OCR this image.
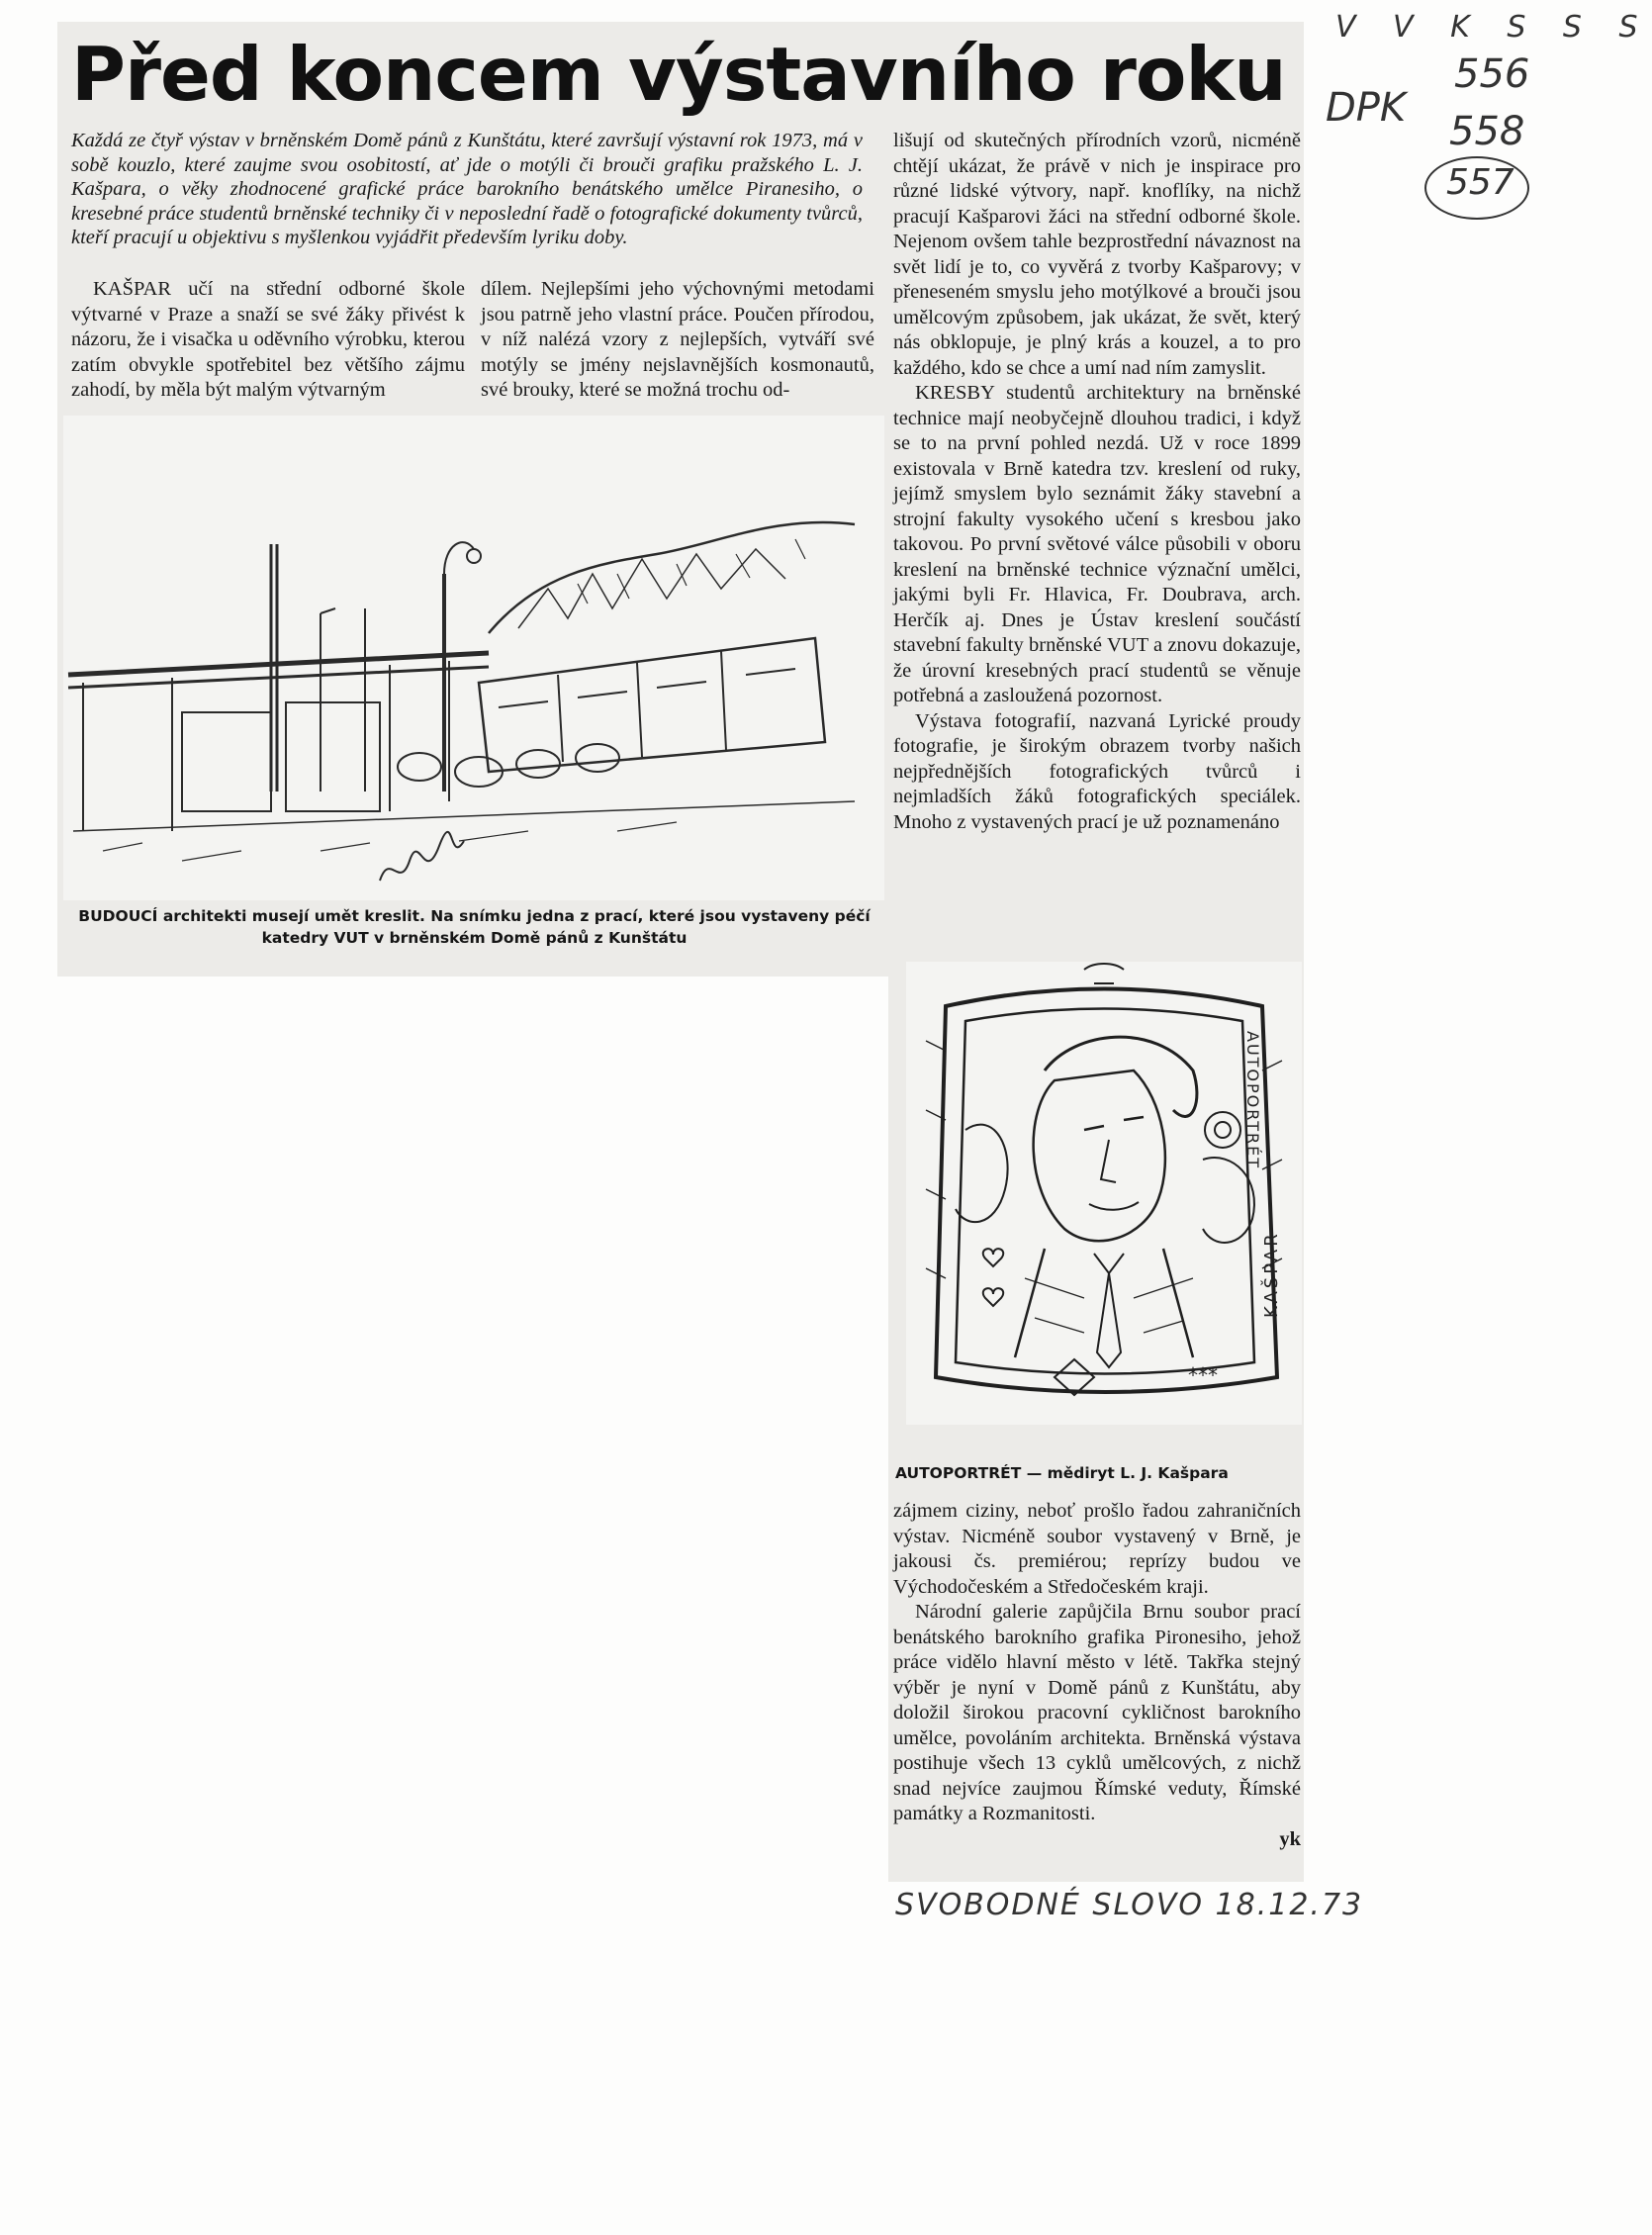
V V K S S S
DPK
556
558
557
Před koncem výstavního roku
Každá ze čtyř výstav v brněnském Domě pánů z Kunštátu, které završují výstavní rok 1973, má v sobě kouzlo, které zaujme svou osobitostí, ať jde o motýli či brouči grafiku pražského L. J. Kašpara, o věky zhodnocené grafické práce barokního benátského umělce Piranesiho, o kresebné práce studentů brněnské techniky či v neposlední řadě o fotografické dokumenty tvůrců, kteří pracují u objektivu s myšlenkou vyjádřit především lyriku doby.

KAŠPAR učí na střední odborné škole výtvarné v Praze a snaží se své žáky přivést k názoru, že i visačka u oděvního výrobku, kterou zatím obvykle spotřebitel bez většího zájmu zahodí, by měla být malým výtvarným

dílem. Nejlepšími jeho výchovnými metodami jsou patrně jeho vlastní práce. Poučen přírodou, v níž nalézá vzory z nejlepších, vytváří své motýly se jmény nejslavnějších kosmonautů, své brouky, které se možná trochu od-

BUDOUCÍ architekti musejí umět kreslit. Na snímku jedna z prací, které jsou vystaveny péčí katedry VUT v brněnském Domě pánů z Kunštátu

lišují od skutečných přírodních vzorů, nicméně chtějí ukázat, že právě v nich je inspirace pro různé lidské výtvory, např. knoflíky, na nichž pracují Kašparovi žáci na střední odborné škole. Nejenom ovšem tahle bezprostřední návaznost na svět lidí je to, co vyvěrá z tvorby Kašparovy; v přeneseném smyslu jeho motýlkové a brouči jsou umělcovým způsobem, jak ukázat, že svět, který nás obklopuje, je plný krás a kouzel, a to pro každého, kdo se chce a umí nad ním zamyslit.

KRESBY studentů architektury na brněnské technice mají neobyčejně dlouhou tradici, i když se to na první pohled nezdá. Už v roce 1899 existovala v Brně katedra tzv. kreslení od ruky, jejímž smyslem bylo seznámit žáky stavební a strojní fakulty vysokého učení s kresbou jako takovou. Po první světové válce působili v oboru kreslení na brněnské technice význační umělci, jakými byli Fr. Hlavica, Fr. Doubrava, arch. Herčík aj. Dnes je Ústav kreslení součástí stavební fakulty brněnské VUT a znovu dokazuje, že úrovní kresebných prací studentů se věnuje potřebná a zasloužená pozornost.

Výstava fotografií, nazvaná Lyrické proudy fotografie, je širokým obrazem tvorby našich nejpřednějších fotografických tvůrců i nejmladších žáků fotografických speciálek. Mnoho z vystavených prací je už poznamenáno

AUTOPORTRÉT
KAŠPAR
***
AUTOPORTRÉT — mědiryt L. J. Kašpara

zájmem ciziny, neboť prošlo řadou zahraničních výstav. Nicméně soubor vystavený v Brně, je jakousi čs. premiérou; reprízy budou ve Východočeském a Středočeském kraji.

Národní galerie zapůjčila Brnu soubor prací benátského barokního grafika Pironesiho, jehož práce vidělo hlavní město v létě. Takřka stejný výběr je nyní v Domě pánů z Kunštátu, aby doložil širokou pracovní cykličnost barokního umělce, povoláním architekta. Brněnská výstava postihuje všech 13 cyklů umělcových, z nichž snad nejvíce zaujmou Římské veduty, Římské památky a Rozmanitosti.

yk

SVOBODNÉ SLOVO 18.12.73
